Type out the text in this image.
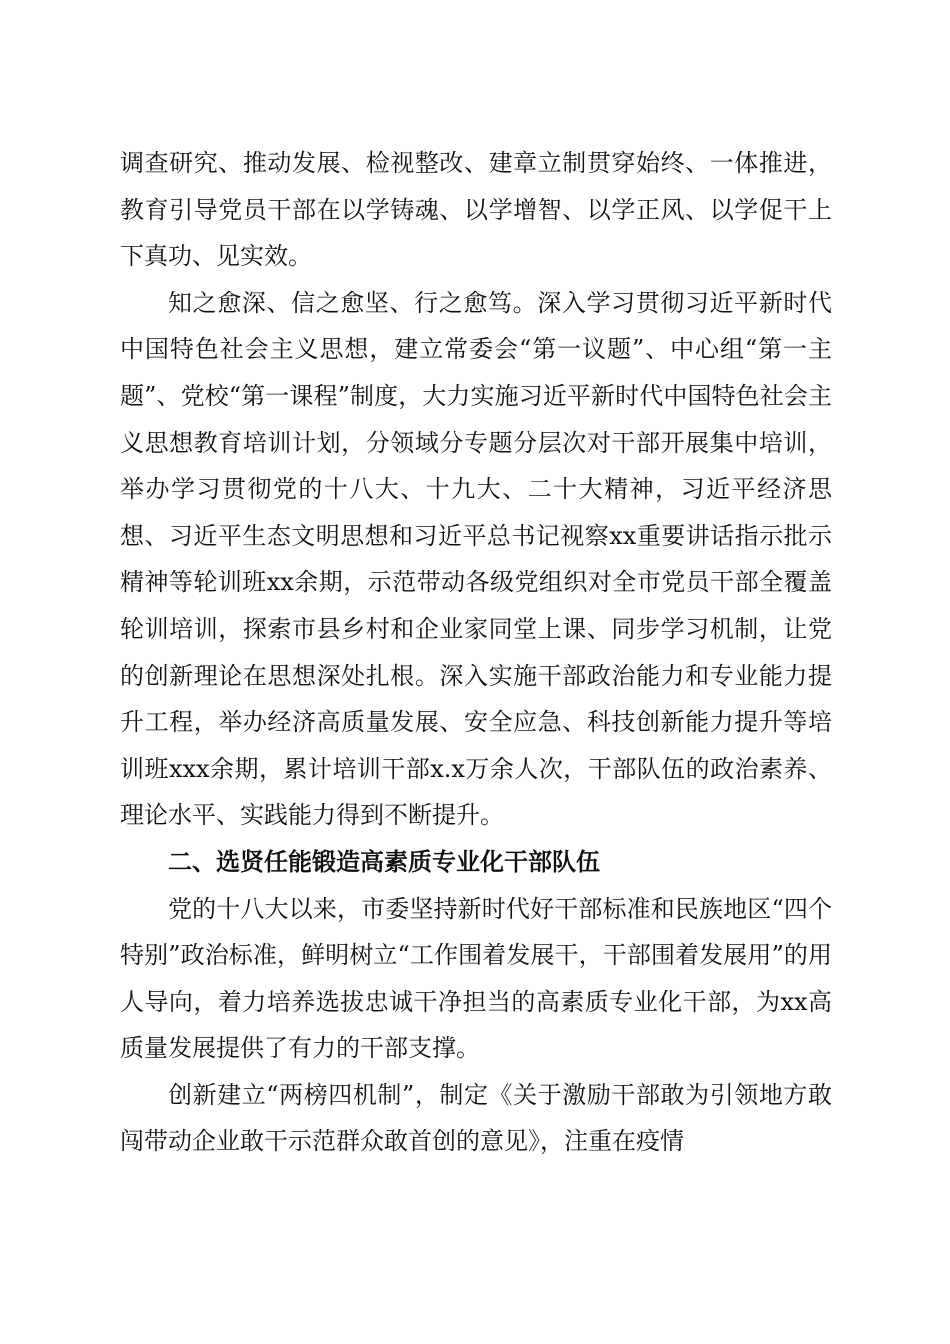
调查研究、推动发展、检视整改、建章立制贯穿始终、一体推进，教育引导党员干部在以学铸魂、以学增智、以学正风、以学促干上下真功、见实效。

知之愈深、信之愈坚、行之愈笃。深入学习贯彻习近平新时代中国特色社会主义思想，建立常委会“第一议题”、中心组“第一主题”、党校“第一课程”制度，大力实施习近平新时代中国特色社会主义思想教育培训计划，分领域分专题分层次对干部开展集中培训，举办学习贯彻党的十八大、十九大、二十大精神，习近平经济思想、习近平生态文明思想和习近平总书记视察xx重要讲话指示批示精神等轮训班xx余期，示范带动各级党组织对全市党员干部全覆盖轮训培训，探索市县乡村和企业家同堂上课、同步学习机制，让党的创新理论在思想深处扎根。深入实施干部政治能力和专业能力提升工程，举办经济高质量发展、安全应急、科技创新能力提升等培训班xxx余期，累计培训干部x.x万余人次，干部队伍的政治素养、理论水平、实践能力得到不断提升。

二、选贤任能锻造高素质专业化干部队伍

党的十八大以来，市委坚持新时代好干部标准和民族地区“四个特别”政治标准，鲜明树立“工作围着发展干，干部围着发展用”的用人导向，着力培养选拔忠诚干净担当的高素质专业化干部，为xx高质量发展提供了有力的干部支撑。

创新建立“两榜四机制”，制定《关于激励干部敢为引领地方敢闯带动企业敢干示范群众敢首创的意见》，注重在疫情
